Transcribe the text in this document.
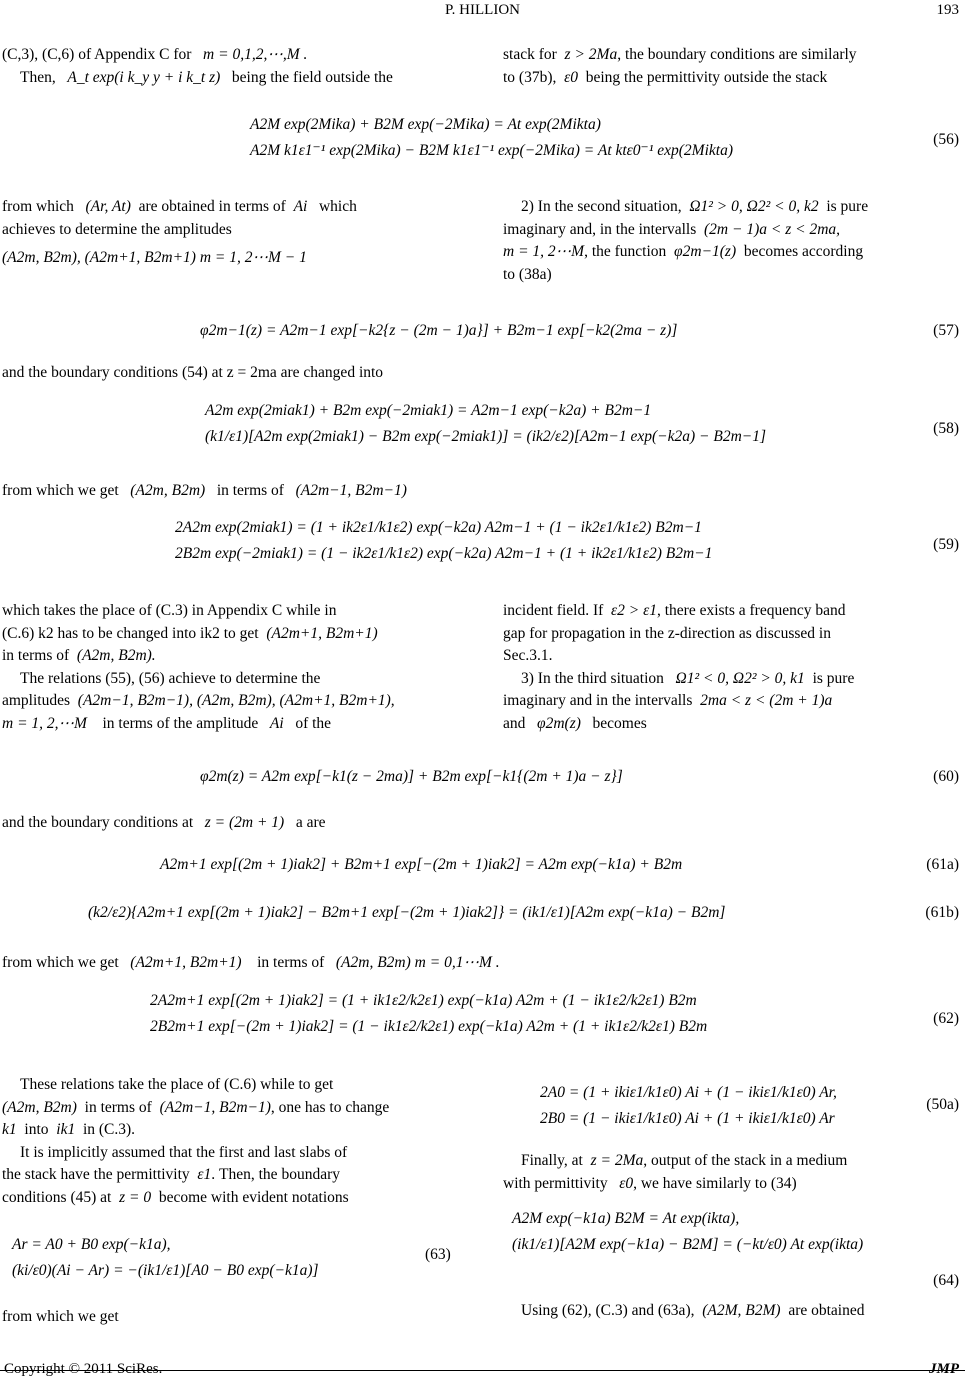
P. HILLION	193

(C,3), (C,6) of Appendix C for m = 0,1,2,⋯,M .

Then, A_t exp(i k_y y + i k_t z) being the field outside the

stack for z > 2Ma, the boundary conditions are similarly

to (37b), ε0 being the permittivity outside the stack

A2M exp(2Mika) + B2M exp(−2Mika) = At exp(2Mikta)
A2M k1ε1⁻¹ exp(2Mika) − B2M k1ε1⁻¹ exp(−2Mika) = At ktε0⁻¹ exp(2Mikta)
(56)

from which (Ar, At) are obtained in terms of Ai which

achieves to determine the amplitudes

(A2m, B2m), (A2m+1, B2m+1) m = 1, 2⋯M − 1

2) In the second situation, Ω1² > 0, Ω2² < 0, k2 is pure

imaginary and, in the intervalls (2m − 1)a < z < 2ma,

m = 1, 2⋯M, the function φ2m−1(z) becomes according

to (38a)

φ2m−1(z) = A2m−1 exp[−k2{z − (2m − 1)a}] + B2m−1 exp[−k2(2ma − z)]	(57)
and the boundary conditions (54) at z = 2ma are changed into
A2m exp(2miak1) + B2m exp(−2miak1) = A2m−1 exp(−k2a) + B2m−1
(k1/ε1)[A2m exp(2miak1) − B2m exp(−2miak1)] = (ik2/ε2)[A2m−1 exp(−k2a) − B2m−1]	(58)
from which we get (A2m, B2m) in terms of (A2m−1, B2m−1)
2A2m exp(2miak1) = (1 + ik2ε1/k1ε2) exp(−k2a) A2m−1 + (1 − ik2ε1/k1ε2) B2m−1
2B2m exp(−2miak1) = (1 − ik2ε1/k1ε2) exp(−k2a) A2m−1 + (1 + ik2ε1/k1ε2) B2m−1
(59)

which takes the place of (C.3) in Appendix C while in

(C.6) k2 has to be changed into ik2 to get (A2m+1, B2m+1)

in terms of (A2m, B2m).

The relations (55), (56) achieve to determine the

amplitudes (A2m−1, B2m−1), (A2m, B2m), (A2m+1, B2m+1),

m = 1, 2,⋯M in terms of the amplitude Ai of the

incident field. If ε2 > ε1, there exists a frequency band

gap for propagation in the z-direction as discussed in

Sec.3.1.

3) In the third situation Ω1² < 0, Ω2² > 0, k1 is pure

imaginary and in the intervalls 2ma < z < (2m + 1)a

and φ2m(z) becomes

φ2m(z) = A2m exp[−k1(z − 2ma)] + B2m exp[−k1{(2m + 1)a − z}]	(60)
and the boundary conditions at z = (2m + 1) a are
A2m+1 exp[(2m + 1)iak2] + B2m+1 exp[−(2m + 1)iak2] = A2m exp(−k1a) + B2m	(61a)
(k2/ε2){A2m+1 exp[(2m + 1)iak2] − B2m+1 exp[−(2m + 1)iak2]} = (ik1/ε1)[A2m exp(−k1a) − B2m]	(61b)
from which we get (A2m+1, B2m+1) in terms of (A2m, B2m) m = 0,1⋯M .
2A2m+1 exp[(2m + 1)iak2] = (1 + ik1ε2/k2ε1) exp(−k1a) A2m + (1 − ik1ε2/k2ε1) B2m
2B2m+1 exp[−(2m + 1)iak2] = (1 − ik1ε2/k2ε1) exp(−k1a) A2m + (1 + ik1ε2/k2ε1) B2m	(62)

These relations take the place of (C.6) while to get

(A2m, B2m) in terms of (A2m−1, B2m−1), one has to change

k1 into ik1 in (C.3).

It is implicitly assumed that the first and last slabs of

the stack have the permittivity ε1. Then, the boundary

conditions (45) at z = 0 become with evident notations

Ar = A0 + B0 exp(−k1a),
(ki/ε0)(Ai − Ar) = −(ik1/ε1)[A0 − B0 exp(−k1a)]
(63)
from which we get
2A0 = (1 + ikiε1/k1ε0) Ai + (1 − ikiε1/k1ε0) Ar,
2B0 = (1 − ikiε1/k1ε0) Ai + (1 + ikiε1/k1ε0) Ar
(50a)

Finally, at z = 2Ma, output of the stack in a medium

with permittivity ε0, we have similarly to (34)

A2M exp(−k1a) B2M = At exp(ikta),
(ik1/ε1)[A2M exp(−k1a) − B2M] = (−kt/ε0) At exp(ikta)
(64)

Using (62), (C.3) and (63a), (A2M, B2M) are obtained

Copyright © 2011 SciRes.	JMP
